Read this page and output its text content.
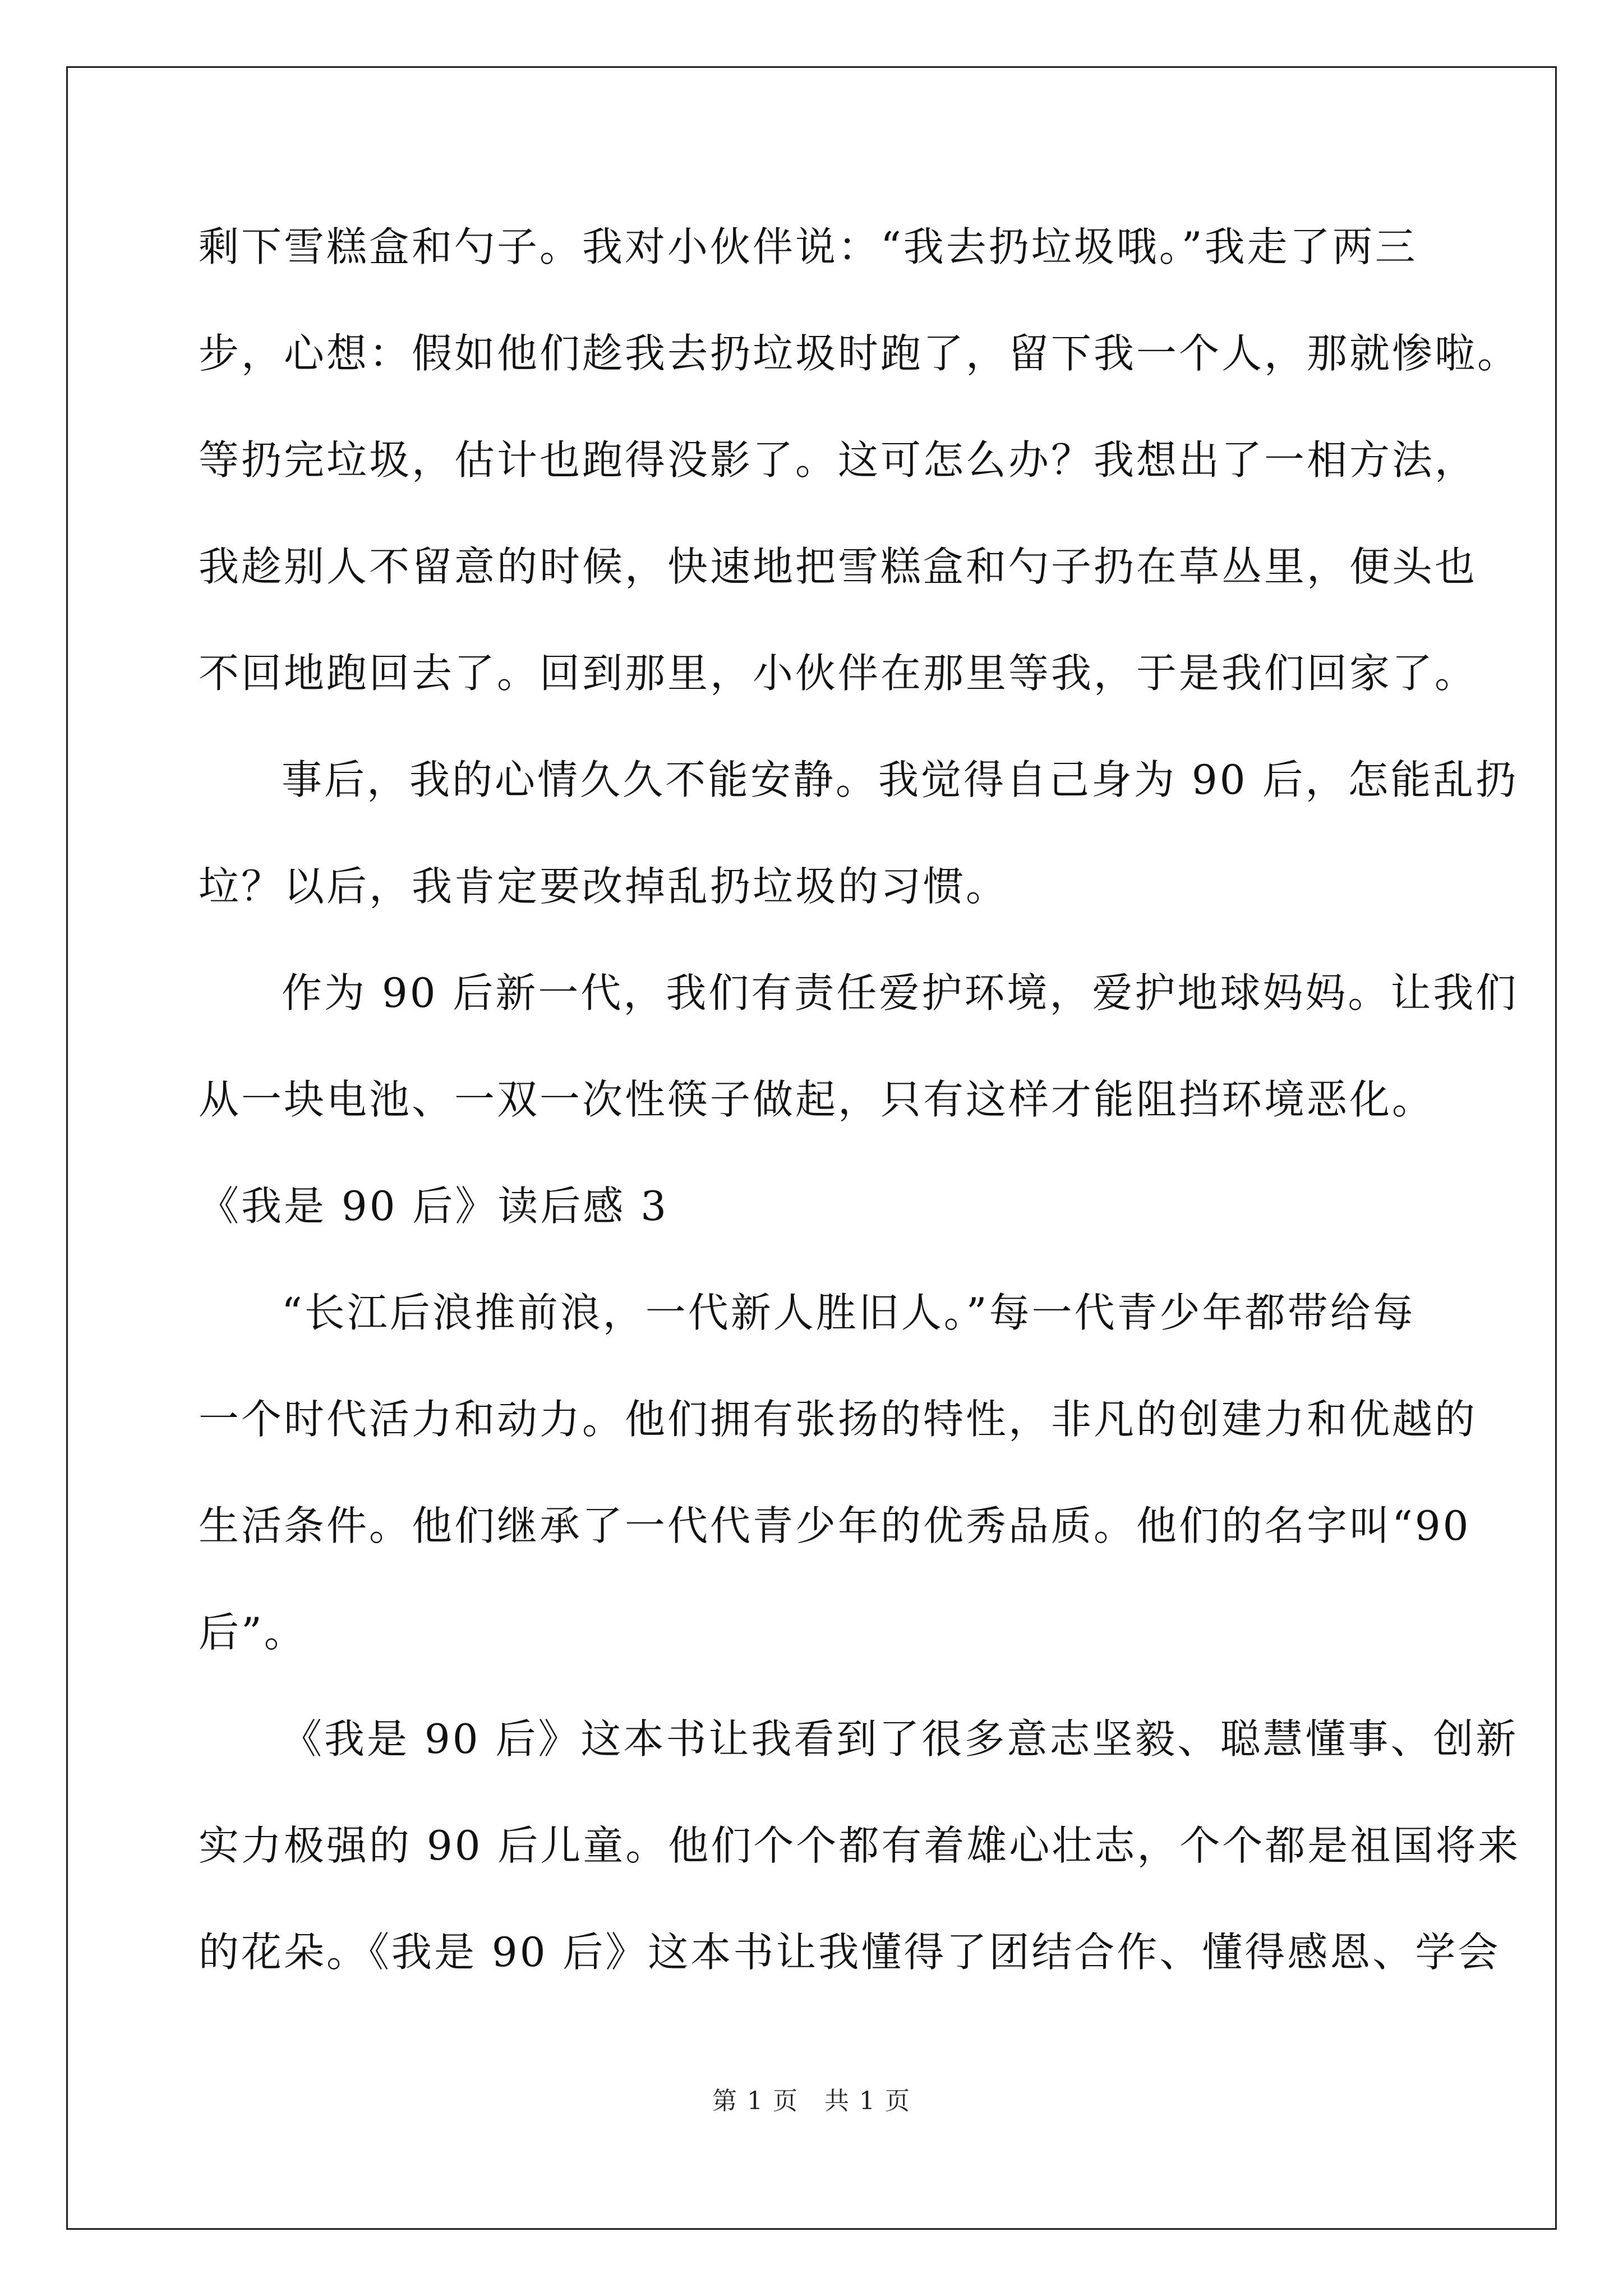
剩下雪糕盒和勺子。我对小伙伴说：“我去扔垃圾哦。”我走了两三
步，心想：假如他们趁我去扔垃圾时跑了，留下我一个人，那就惨啦。
等扔完垃圾，估计也跑得没影了。这可怎么办？我想出了一相方法，
我趁别人不留意的时候，快速地把雪糕盒和勺子扔在草丛里，便头也
不回地跑回去了。回到那里，小伙伴在那里等我，于是我们回家了。
事后，我的心情久久不能安静。我觉得自己身为 90 后，怎能乱扔
垃？以后，我肯定要改掉乱扔垃圾的习惯。
作为 90 后新一代，我们有责任爱护环境，爱护地球妈妈。让我们
从一块电池、一双一次性筷子做起，只有这样才能阻挡环境恶化。
《我是 90 后》读后感 3
“长江后浪推前浪，一代新人胜旧人。”每一代青少年都带给每
一个时代活力和动力。他们拥有张扬的特性，非凡的创建力和优越的
生活条件。他们继承了一代代青少年的优秀品质。他们的名字叫“90
后”。
《我是 90 后》这本书让我看到了很多意志坚毅、聪慧懂事、创新
实力极强的 90 后儿童。他们个个都有着雄心壮志，个个都是祖国将来
的花朵。《我是 90 后》这本书让我懂得了团结合作、懂得感恩、学会
第 1 页　共 1 页
